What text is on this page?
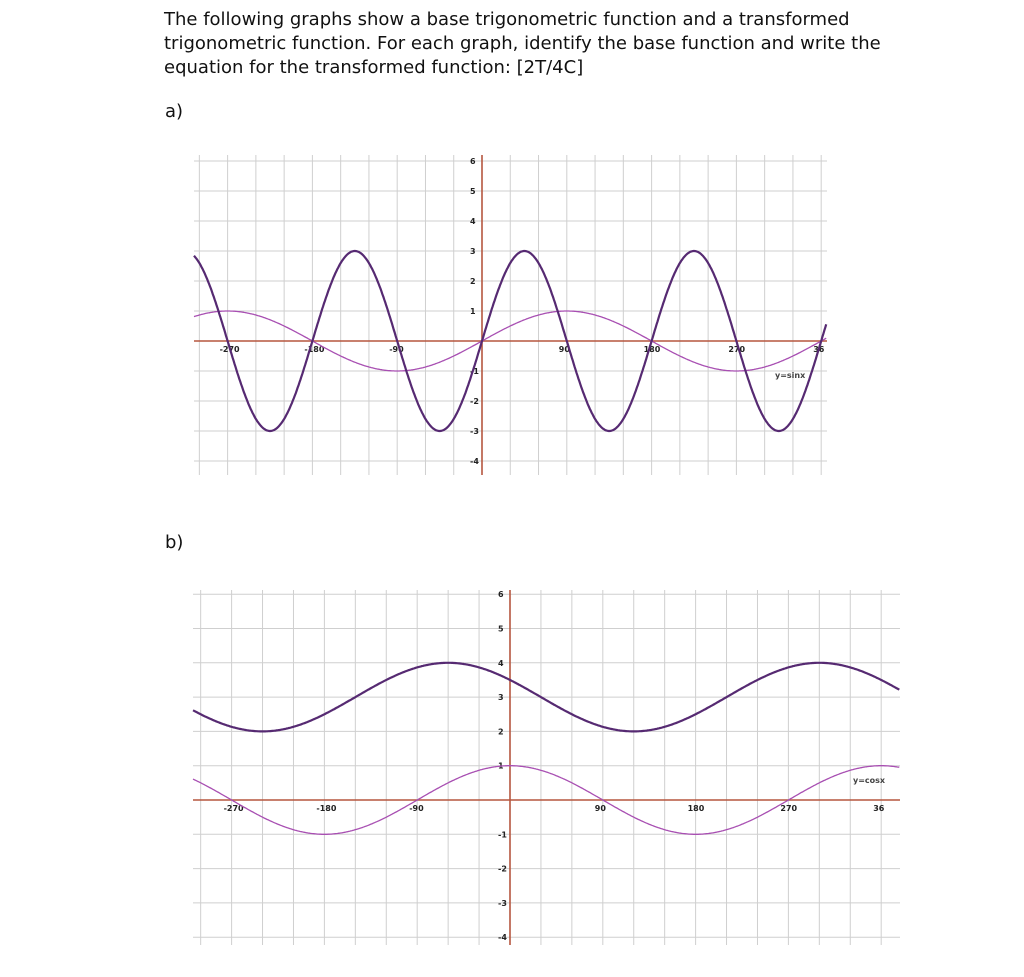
The following graphs show a base trigonometric function and a transformed trigonometric function. For each graph, identify the base function and write the equation for the transformed function: [2T/4C]

a)
b)
-270	-180	-90	90	180	270	36
-4
-3
-2
-1
1
2
3
4
5
6
y=sinx
-270	-180	-90	90	180	270	36
-4
-3
-2
-1
1
2
3
4
5
6
y=cosx
